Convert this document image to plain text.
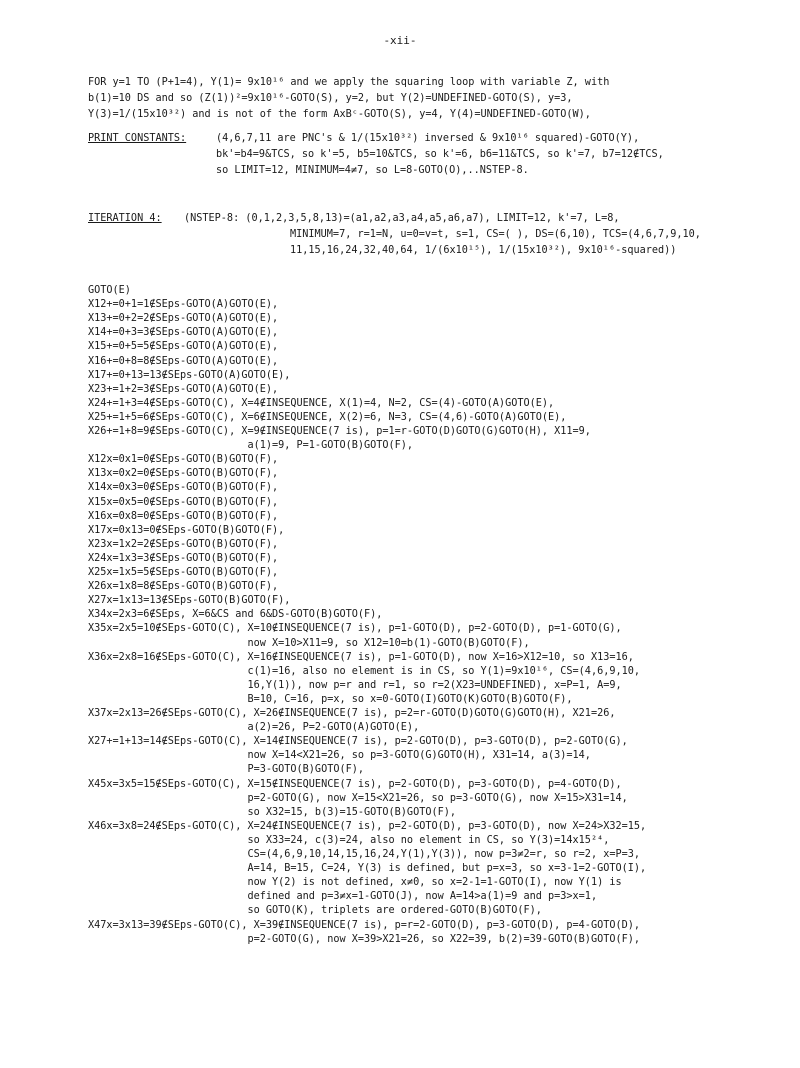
-xii-
FOR y=1 TO (P+1=4), Y(1)= 9x10¹⁶ and we apply the squaring loop with variable Z, with
b(1)=10 DS and so (Z(1))²=9x10¹⁶-GOTO(S), y=2, but Y(2)=UNDEFINED-GOTO(S), y=3,
Y(3)=1/(15x10³²) and is not of the form AxBᶜ-GOTO(S), y=4, Y(4)=UNDEFINED-GOTO(W),
PRINT CONSTANTS:	(4,6,7,11 are PNC's & 1/(15x10³²) inversed & 9x10¹⁶ squared)-GOTO(Y),
bk'=b4=9&TCS, so k'=5, b5=10&TCS, so k'=6, b6=11&TCS, so k'=7, b7=12∉TCS,
so LIMIT=12, MINIMUM=4≠7, so L=8-GOTO(O),..NSTEP-8.
ITERATION 4: (NSTEP-8: (0,1,2,3,5,8,13)=(a1,a2,a3,a4,a5,a6,a7), LIMIT=12, k'=7, L=8,
MINIMUM=7, r=1=N, u=0=v=t, s=1, CS=( ), DS=(6,10), TCS=(4,6,7,9,10,
11,15,16,24,32,40,64, 1/(6x10¹⁵), 1/(15x10³²), 9x10¹⁶-squared))
GOTO(E)
X12+=0+1=1∉SEps-GOTO(A)GOTO(E),
X13+=0+2=2∉SEps-GOTO(A)GOTO(E),
X14+=0+3=3∉SEps-GOTO(A)GOTO(E),
X15+=0+5=5∉SEps-GOTO(A)GOTO(E),
X16+=0+8=8∉SEps-GOTO(A)GOTO(E),
X17+=0+13=13∉SEps-GOTO(A)GOTO(E),
X23+=1+2=3∉SEps-GOTO(A)GOTO(E),
X24+=1+3=4∉SEps-GOTO(C), X=4∉INSEQUENCE, X(1)=4, N=2, CS=(4)-GOTO(A)GOTO(E),
X25+=1+5=6∉SEps-GOTO(C), X=6∉INSEQUENCE, X(2)=6, N=3, CS=(4,6)-GOTO(A)GOTO(E),
X26+=1+8=9∉SEps-GOTO(C), X=9∉INSEQUENCE(7 is), p=1=r-GOTO(D)GOTO(G)GOTO(H), X11=9,
a(1)=9, P=1-GOTO(B)GOTO(F),
X12x=0x1=0∉SEps-GOTO(B)GOTO(F),
X13x=0x2=0∉SEps-GOTO(B)GOTO(F),
X14x=0x3=0∉SEps-GOTO(B)GOTO(F),
X15x=0x5=0∉SEps-GOTO(B)GOTO(F),
X16x=0x8=0∉SEps-GOTO(B)GOTO(F),
X17x=0x13=0∉SEps-GOTO(B)GOTO(F),
X23x=1x2=2∉SEps-GOTO(B)GOTO(F),
X24x=1x3=3∉SEps-GOTO(B)GOTO(F),
X25x=1x5=5∉SEps-GOTO(B)GOTO(F),
X26x=1x8=8∉SEps-GOTO(B)GOTO(F),
X27x=1x13=13∉SEps-GOTO(B)GOTO(F),
X34x=2x3=6∉SEps, X=6&CS and 6&DS-GOTO(B)GOTO(F),
X35x=2x5=10∉SEps-GOTO(C), X=10∉INSEQUENCE(7 is), p=1-GOTO(D), p=2-GOTO(D), p=1-GOTO(G),
now X=10>X11=9, so X12=10=b(1)-GOTO(B)GOTO(F),
X36x=2x8=16∉SEps-GOTO(C), X=16∉INSEQUENCE(7 is), p=1-GOTO(D), now X=16>X12=10, so X13=16,
c(1)=16, also no element is in CS, so Y(1)=9x10¹⁶, CS=(4,6,9,10,
16,Y(1)), now p=r and r=1, so r=2(X23=UNDEFINED), x=P=1, A=9,
B=10, C=16, p=x, so x=0-GOTO(I)GOTO(K)GOTO(B)GOTO(F),
X37x=2x13=26∉SEps-GOTO(C), X=26∉INSEQUENCE(7 is), p=2=r-GOTO(D)GOTO(G)GOTO(H), X21=26,
a(2)=26, P=2-GOTO(A)GOTO(E),
X27+=1+13=14∉SEps-GOTO(C), X=14∉INSEQUENCE(7 is), p=2-GOTO(D), p=3-GOTO(D), p=2-GOTO(G),
now X=14<X21=26, so p=3-GOTO(G)GOTO(H), X31=14, a(3)=14,
P=3-GOTO(B)GOTO(F),
X45x=3x5=15∉SEps-GOTO(C), X=15∉INSEQUENCE(7 is), p=2-GOTO(D), p=3-GOTO(D), p=4-GOTO(D),
p=2-GOTO(G), now X=15<X21=26, so p=3-GOTO(G), now X=15>X31=14,
so X32=15, b(3)=15-GOTO(B)GOTO(F),
X46x=3x8=24∉SEps-GOTO(C), X=24∉INSEQUENCE(7 is), p=2-GOTO(D), p=3-GOTO(D), now X=24>X32=15,
so X33=24, c(3)=24, also no element in CS, so Y(3)=14x15²⁴,
CS=(4,6,9,10,14,15,16,24,Y(1),Y(3)), now p=3≠2=r, so r=2, x=P=3,
A=14, B=15, C=24, Y(3) is defined, but p=x=3, so x=3-1=2-GOTO(I),
now Y(2) is not defined, x≠0, so x=2-1=1-GOTO(I), now Y(1) is
defined and p=3≠x=1-GOTO(J), now A=14>a(1)=9 and p=3>x=1,
so GOTO(K), triplets are ordered-GOTO(B)GOTO(F),
X47x=3x13=39∉SEps-GOTO(C), X=39∉INSEQUENCE(7 is), p=r=2-GOTO(D), p=3-GOTO(D), p=4-GOTO(D),
p=2-GOTO(G), now X=39>X21=26, so X22=39, b(2)=39-GOTO(B)GOTO(F),
